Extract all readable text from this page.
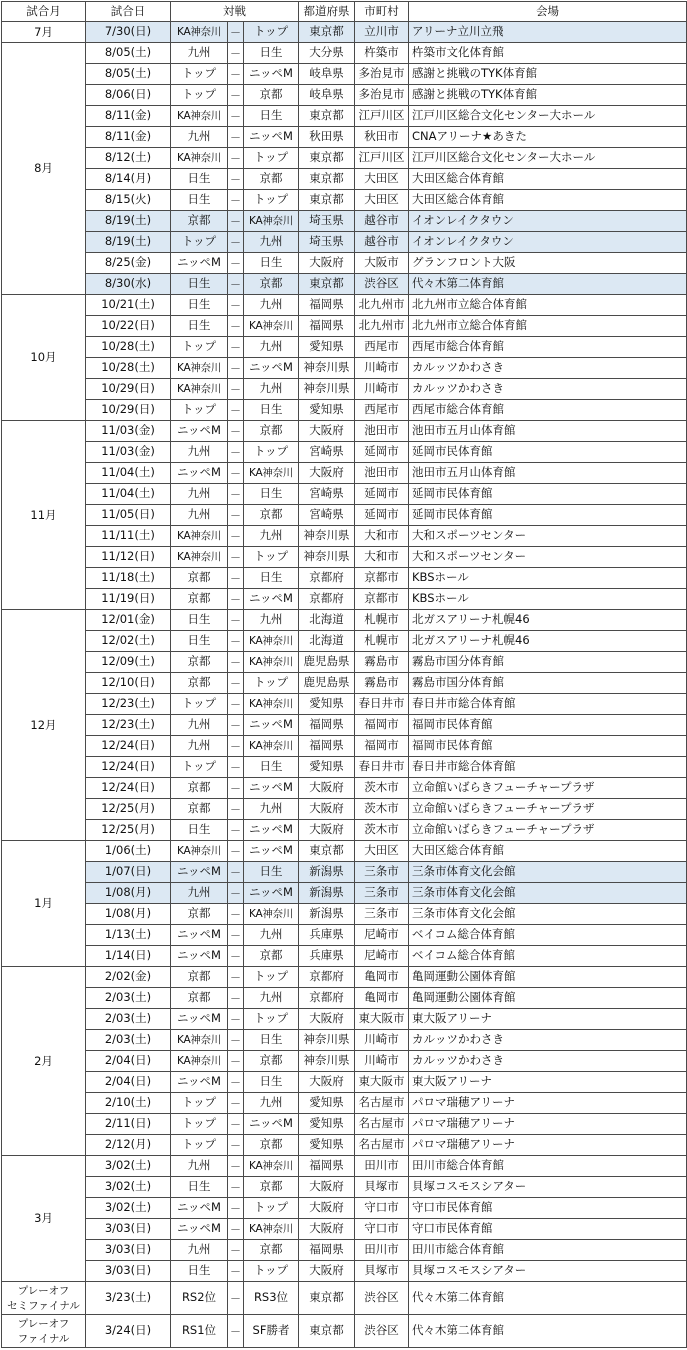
試合月	試合日	対戦			都道府県	市町村	会場
7月	7/30(日)	KA神奈川	－	トップ	東京都	立川市	アリーナ立川立飛
8月	8/05(土)	九州	－	日生	大分県	杵築市	杵築市文化体育館
	8/05(土)	トップ	－	ニッペM	岐阜県	多治見市	感謝と挑戦のTYK体育館
	8/06(日)	トップ	－	京都	岐阜県	多治見市	感謝と挑戦のTYK体育館
	8/11(金)	KA神奈川	－	日生	東京都	江戸川区	江戸川区総合文化センター大ホール
	8/11(金)	九州	－	ニッペM	秋田県	秋田市	CNAアリーナ★あきた
	8/12(土)	KA神奈川	－	トップ	東京都	江戸川区	江戸川区総合文化センター大ホール
	8/14(月)	日生	－	京都	東京都	大田区	大田区総合体育館
	8/15(火)	日生	－	トップ	東京都	大田区	大田区総合体育館
	8/19(土)	京都	－	KA神奈川	埼玉県	越谷市	イオンレイクタウン
	8/19(土)	トップ	－	九州	埼玉県	越谷市	イオンレイクタウン
	8/25(金)	ニッペM	－	日生	大阪府	大阪市	グランフロント大阪
	8/30(水)	日生	－	京都	東京都	渋谷区	代々木第二体育館
10月	10/21(土)	日生	－	九州	福岡県	北九州市	北九州市立総合体育館
	10/22(日)	日生	－	KA神奈川	福岡県	北九州市	北九州市立総合体育館
	10/28(土)	トップ	－	九州	愛知県	西尾市	西尾市総合体育館
	10/28(土)	KA神奈川	－	ニッペM	神奈川県	川崎市	カルッツかわさき
	10/29(日)	KA神奈川	－	九州	神奈川県	川崎市	カルッツかわさき
	10/29(日)	トップ	－	日生	愛知県	西尾市	西尾市総合体育館
11月	11/03(金)	ニッペM	－	京都	大阪府	池田市	池田市五月山体育館
	11/03(金)	九州	－	トップ	宮崎県	延岡市	延岡市民体育館
	11/04(土)	ニッペM	－	KA神奈川	大阪府	池田市	池田市五月山体育館
	11/04(土)	九州	－	日生	宮崎県	延岡市	延岡市民体育館
	11/05(日)	九州	－	京都	宮崎県	延岡市	延岡市民体育館
	11/11(土)	KA神奈川	－	九州	神奈川県	大和市	大和スポーツセンター
	11/12(日)	KA神奈川	－	トップ	神奈川県	大和市	大和スポーツセンター
	11/18(土)	京都	－	日生	京都府	京都市	KBSホール
	11/19(日)	京都	－	ニッペM	京都府	京都市	KBSホール
12月	12/01(金)	日生	－	九州	北海道	札幌市	北ガスアリーナ札幌46
	12/02(土)	日生	－	KA神奈川	北海道	札幌市	北ガスアリーナ札幌46
	12/09(土)	京都	－	KA神奈川	鹿児島県	霧島市	霧島市国分体育館
	12/10(日)	京都	－	トップ	鹿児島県	霧島市	霧島市国分体育館
	12/23(土)	トップ	－	KA神奈川	愛知県	春日井市	春日井市総合体育館
	12/23(土)	九州	－	ニッペM	福岡県	福岡市	福岡市民体育館
	12/24(日)	九州	－	KA神奈川	福岡県	福岡市	福岡市民体育館
	12/24(日)	トップ	－	日生	愛知県	春日井市	春日井市総合体育館
	12/24(日)	京都	－	ニッペM	大阪府	茨木市	立命館いばらきフューチャープラザ
	12/25(月)	京都	－	九州	大阪府	茨木市	立命館いばらきフューチャープラザ
	12/25(月)	日生	－	ニッペM	大阪府	茨木市	立命館いばらきフューチャープラザ
1月	1/06(土)	KA神奈川	－	ニッペM	東京都	大田区	大田区総合体育館
	1/07(日)	ニッペM	－	日生	新潟県	三条市	三条市体育文化会館
	1/08(月)	九州	－	ニッペM	新潟県	三条市	三条市体育文化会館
	1/08(月)	京都	－	KA神奈川	新潟県	三条市	三条市体育文化会館
	1/13(土)	ニッペM	－	九州	兵庫県	尼崎市	ベイコム総合体育館
	1/14(日)	ニッペM	－	京都	兵庫県	尼崎市	ベイコム総合体育館
2月	2/02(金)	京都	－	トップ	京都府	亀岡市	亀岡運動公園体育館
	2/03(土)	京都	－	九州	京都府	亀岡市	亀岡運動公園体育館
	2/03(土)	ニッペM	－	トップ	大阪府	東大阪市	東大阪アリーナ
	2/03(土)	KA神奈川	－	日生	神奈川県	川崎市	カルッツかわさき
	2/04(日)	KA神奈川	－	京都	神奈川県	川崎市	カルッツかわさき
	2/04(日)	ニッペM	－	日生	大阪府	東大阪市	東大阪アリーナ
	2/10(土)	トップ	－	九州	愛知県	名古屋市	パロマ瑞穂アリーナ
	2/11(日)	トップ	－	ニッペM	愛知県	名古屋市	パロマ瑞穂アリーナ
	2/12(月)	トップ	－	京都	愛知県	名古屋市	パロマ瑞穂アリーナ
3月	3/02(土)	九州	－	KA神奈川	福岡県	田川市	田川市総合体育館
	3/02(土)	日生	－	京都	大阪府	貝塚市	貝塚コスモスシアター
	3/02(土)	ニッペM	－	トップ	大阪府	守口市	守口市民体育館
	3/03(日)	ニッペM	－	KA神奈川	大阪府	守口市	守口市民体育館
	3/03(日)	九州	－	京都	福岡県	田川市	田川市総合体育館
	3/03(日)	日生	－	トップ	大阪府	貝塚市	貝塚コスモスシアター
プレーオフ
セミファイナル	3/23(土)	RS2位	－	RS3位	東京都	渋谷区	代々木第二体育館
プレーオフ
ファイナル	3/24(日)	RS1位	－	SF勝者	東京都	渋谷区	代々木第二体育館
